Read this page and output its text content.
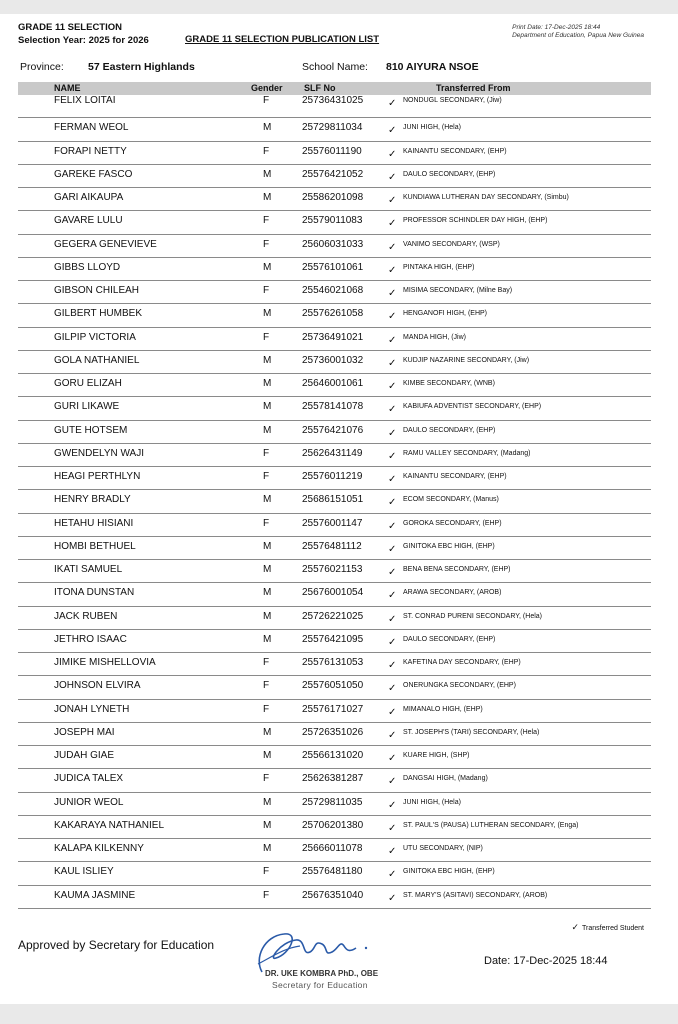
GRADE 11 SELECTION
Selection Year: 2025 for 2026	GRADE 11 SELECTION PUBLICATION LIST
Print Date: 17-Dec-2025 18:44
Department of Education, Papua New Guinea
Province: 57 Eastern Highlands	School Name: 810 AIYURA NSOE
NAME	Gender SLF No	Transferred From
FELIX LOITAI	F	25736431025 ✓ NONDUGL SECONDARY, (Jiw)
FERMAN WEOL	M	25729811034	✓ JUNI HIGH, (Hela)
FORAPI NETTY	F	25576011190	✓ KAINANTU SECONDARY, (EHP)
GAREKE FASCO	M	25576421052 ✓ DAULO SECONDARY, (EHP)
GARI AIKAUPA	M	25586201098 ✓ KUNDIAWA LUTHERAN DAY SECONDARY, (Simbu)
GAVARE LULU	F	25579011083	✓ PROFESSOR SCHINDLER DAY HIGH, (EHP)
GEGERA GENEVIEVE	F	25606031033 ✓ VANIMO SECONDARY, (WSP)
GIBBS LLOYD	M	25576101061 ✓ PINTAKA HIGH, (EHP)
GIBSON CHILEAH	F	25546021068 ✓ MISIMA SECONDARY, (Milne Bay)
GILBERT HUMBEK	M	25576261058 ✓ HENGANOFI HIGH, (EHP)
GILPIP VICTORIA	F	25736491021 ✓ MANDA HIGH, (Jiw)
GOLA NATHANIEL	M	25736001032 ✓ KUDJIP NAZARINE SECONDARY, (Jiw)
GORU ELIZAH	M	25646001061 ✓ KIMBE SECONDARY, (WNB)
GURI LIKAWE	M	25578141078 ✓ KABIUFA ADVENTIST SECONDARY, (EHP)
GUTE HOTSEM	M	25576421076 ✓ DAULO SECONDARY, (EHP)
GWENDELYN WAJI	F	25626431149	✓ RAMU VALLEY SECONDARY, (Madang)
HEAGI PERTHLYN	F	25576011219	✓ KAINANTU SECONDARY, (EHP)
HENRY BRADLY	M	25686151051 ✓ ECOM SECONDARY, (Manus)
HETAHU HISIANI	F	25576001147	✓ GOROKA SECONDARY, (EHP)
HOMBI BETHUEL	M	25576481112	✓ GINITOKA EBC HIGH, (EHP)
IKATI SAMUEL	M	25576021153	✓ BENA BENA SECONDARY, (EHP)
ITONA DUNSTAN	M	25676001054 ✓ ARAWA SECONDARY, (AROB)
JACK RUBEN	M	25726221025 ✓ ST. CONRAD PURENI SECONDARY, (Hela)
JETHRO ISAAC	M	25576421095 ✓ DAULO SECONDARY, (EHP)
JIMIKE MISHELLOVIA	F	25576131053 ✓ KAFETINA DAY SECONDARY, (EHP)
JOHNSON ELVIRA	F	25576051050 ✓ ONERUNGKA SECONDARY, (EHP)
JONAH LYNETH	F	25576171027 ✓ MIMANALO HIGH, (EHP)
JOSEPH MAI	M	25726351026 ✓ ST. JOSEPH'S (TARI) SECONDARY, (Hela)
JUDAH GIAE	M	25566131020 ✓ KUARE HIGH, (SHP)
JUDICA TALEX	F	25626381287 ✓ DANGSAI HIGH, (Madang)
JUNIOR WEOL	M	25729811035	✓ JUNI HIGH, (Hela)
KAKARAYA NATHANIEL	M	25706201380 ✓ ST. PAUL'S (PAUSA) LUTHERAN SECONDARY, (Enga)
KALAPA KILKENNY	M	25666011078	✓ UTU SECONDARY, (NIP)
KAUL ISLIEY	F	25576481180	✓ GINITOKA EBC HIGH, (EHP)
KAUMA JASMINE	F	25676351040 ✓ ST. MARY'S (ASITAVI) SECONDARY, (AROB)
✓ Transferred Student
Approved by Secretary for Education
DR. UKE KOMBRA PhD., OBE
Secretary for Education
Date: 17-Dec-2025 18:44
